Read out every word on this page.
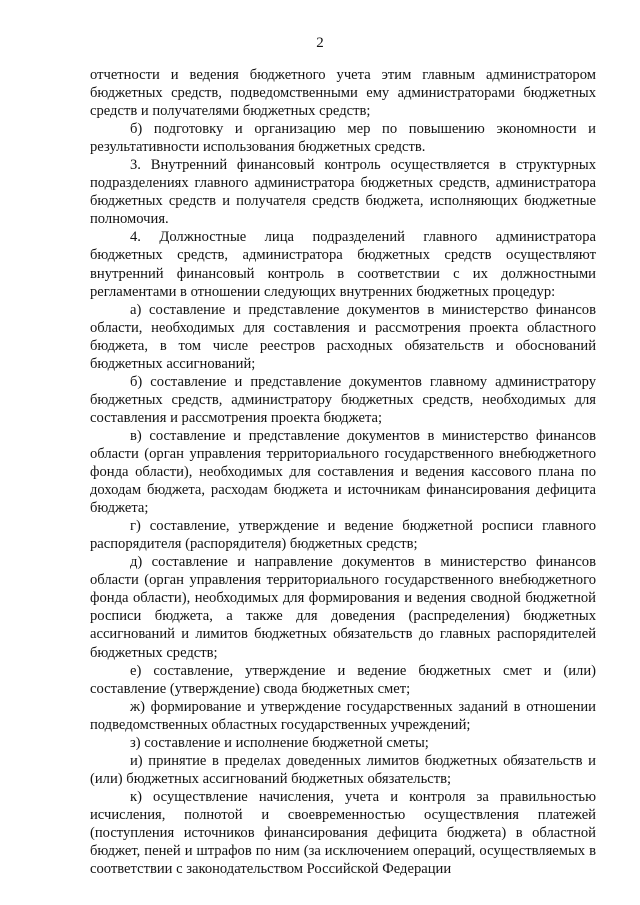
2

отчетности и ведения бюджетного учета этим главным администратором бюджетных средств, подведомственными ему администраторами бюджетных средств и получателями бюджетных средств;

б) подготовку и организацию мер по повышению экономности и результативности использования бюджетных средств.

3. Внутренний финансовый контроль осуществляется в структурных подразделениях главного администратора бюджетных средств, администратора бюджетных средств и получателя средств бюджета, исполняющих бюджетные полномочия.

4. Должностные лица подразделений главного администратора бюджетных средств, администратора бюджетных средств осуществляют внутренний финансовый контроль в соответствии с их должностными регламентами в отношении следующих внутренних бюджетных процедур:

а) составление и представление документов в министерство финансов области, необходимых для составления и рассмотрения проекта областного бюджета, в том числе реестров расходных обязательств и обоснований бюджетных ассигнований;

б) составление и представление документов главному администратору бюджетных средств, администратору бюджетных средств, необходимых для составления и рассмотрения проекта бюджета;

в) составление и представление документов в министерство финансов области (орган управления территориального государственного внебюджетного фонда области), необходимых для составления и ведения кассового плана по доходам бюджета, расходам бюджета и источникам финансирования дефицита бюджета;

г) составление, утверждение и ведение бюджетной росписи главного распорядителя (распорядителя) бюджетных средств;

д) составление и направление документов в министерство финансов области (орган управления территориального государственного внебюджетного фонда области), необходимых для формирования и ведения сводной бюджетной росписи бюджета, а также для доведения (распределения) бюджетных ассигнований и лимитов бюджетных обязательств до главных распорядителей бюджетных средств;

е) составление, утверждение и ведение бюджетных смет и (или) составление (утверждение) свода бюджетных смет;

ж) формирование и утверждение государственных заданий в отношении подведомственных областных государственных учреждений;

з) составление и исполнение бюджетной сметы;

и) принятие в пределах доведенных лимитов бюджетных обязательств и (или) бюджетных ассигнований бюджетных обязательств;

к) осуществление начисления, учета и контроля за правильностью исчисления, полнотой и своевременностью осуществления платежей (поступления источников финансирования дефицита бюджета) в областной бюджет, пеней и штрафов по ним (за исключением операций, осуществляемых в соответствии с законодательством Российской Федерации
